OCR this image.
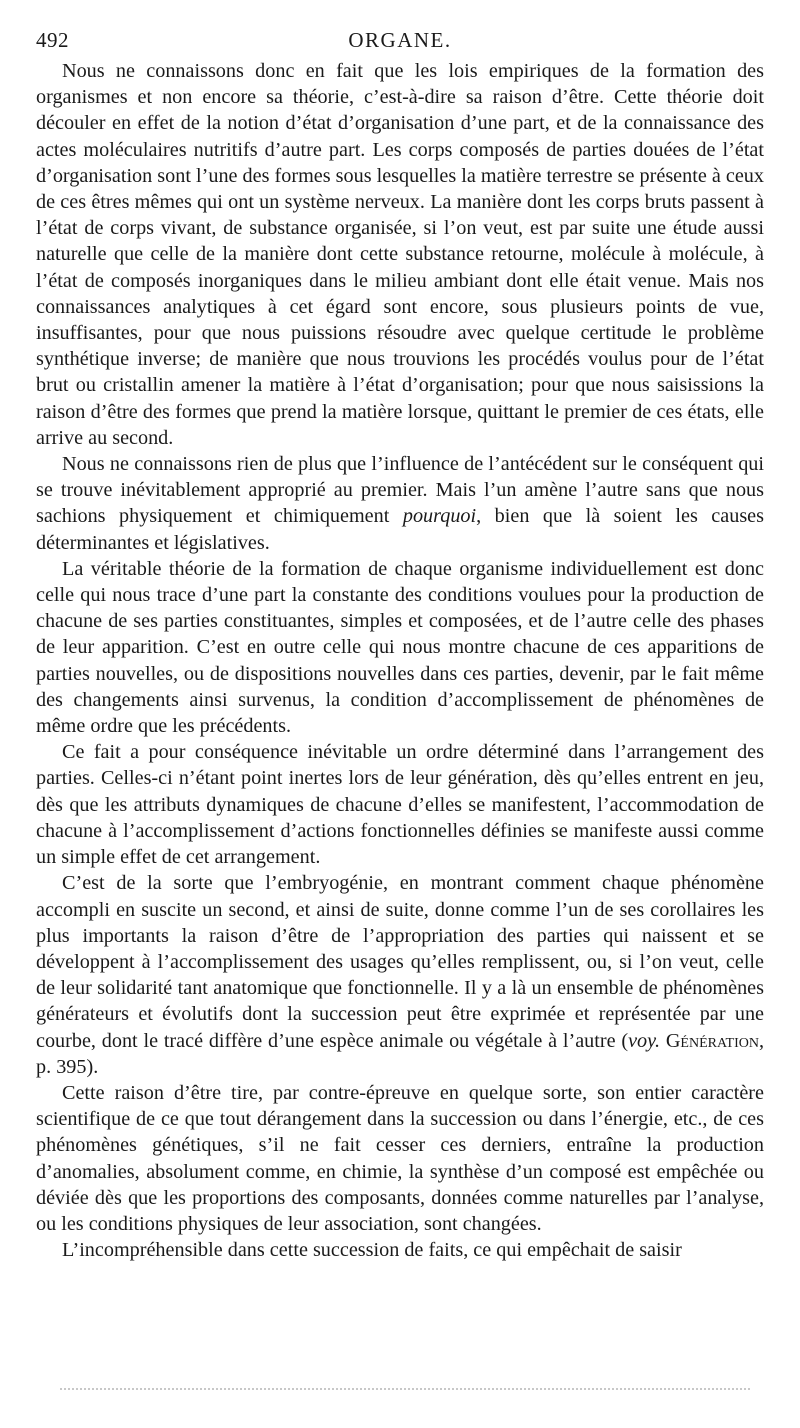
492	ORGANE.

Nous ne connaissons donc en fait que les lois empiriques de la formation des organismes et non encore sa théorie, c’est-à-dire sa raison d’être. Cette théorie doit découler en effet de la notion d’état d’organisation d’une part, et de la connaissance des actes moléculaires nutritifs d’autre part. Les corps composés de parties douées de l’état d’organisation sont l’une des formes sous lesquelles la matière terrestre se présente à ceux de ces êtres mêmes qui ont un système nerveux. La manière dont les corps bruts passent à l’état de corps vivant, de substance organisée, si l’on veut, est par suite une étude aussi naturelle que celle de la manière dont cette substance retourne, molécule à molécule, à l’état de composés inorganiques dans le milieu ambiant dont elle était venue. Mais nos connaissances analytiques à cet égard sont encore, sous plusieurs points de vue, insuffisantes, pour que nous puissions résoudre avec quelque certitude le problème synthétique inverse; de manière que nous trouvions les procédés voulus pour de l’état brut ou cristallin amener la matière à l’état d’organisation; pour que nous saisissions la raison d’être des formes que prend la matière lorsque, quittant le premier de ces états, elle arrive au second.

Nous ne connaissons rien de plus que l’influence de l’antécédent sur le conséquent qui se trouve inévitablement approprié au premier. Mais l’un amène l’autre sans que nous sachions physiquement et chimiquement pourquoi, bien que là soient les causes déterminantes et législatives.

La véritable théorie de la formation de chaque organisme individuellement est donc celle qui nous trace d’une part la constante des conditions voulues pour la production de chacune de ses parties constituantes, simples et composées, et de l’autre celle des phases de leur apparition. C’est en outre celle qui nous montre chacune de ces apparitions de parties nouvelles, ou de dispositions nouvelles dans ces parties, devenir, par le fait même des changements ainsi survenus, la condition d’accomplissement de phénomènes de même ordre que les précédents.

Ce fait a pour conséquence inévitable un ordre déterminé dans l’arrangement des parties. Celles-ci n’étant point inertes lors de leur génération, dès qu’elles entrent en jeu, dès que les attributs dynamiques de chacune d’elles se manifestent, l’accommodation de chacune à l’accomplissement d’actions fonctionnelles définies se manifeste aussi comme un simple effet de cet arrangement.

C’est de la sorte que l’embryogénie, en montrant comment chaque phénomène accompli en suscite un second, et ainsi de suite, donne comme l’un de ses corollaires les plus importants la raison d’être de l’appropriation des parties qui naissent et se développent à l’accomplissement des usages qu’elles remplissent, ou, si l’on veut, celle de leur solidarité tant anatomique que fonctionnelle. Il y a là un ensemble de phénomènes générateurs et évolutifs dont la succession peut être exprimée et représentée par une courbe, dont le tracé diffère d’une espèce animale ou végétale à l’autre (voy. Génération, p. 395).

Cette raison d’être tire, par contre-épreuve en quelque sorte, son entier caractère scientifique de ce que tout dérangement dans la succession ou dans l’énergie, etc., de ces phénomènes génétiques, s’il ne fait cesser ces derniers, entraîne la production d’anomalies, absolument comme, en chimie, la synthèse d’un composé est empêchée ou déviée dès que les proportions des composants, données comme naturelles par l’analyse, ou les conditions physiques de leur association, sont changées.

L’incompréhensible dans cette succession de faits, ce qui empêchait de saisir
